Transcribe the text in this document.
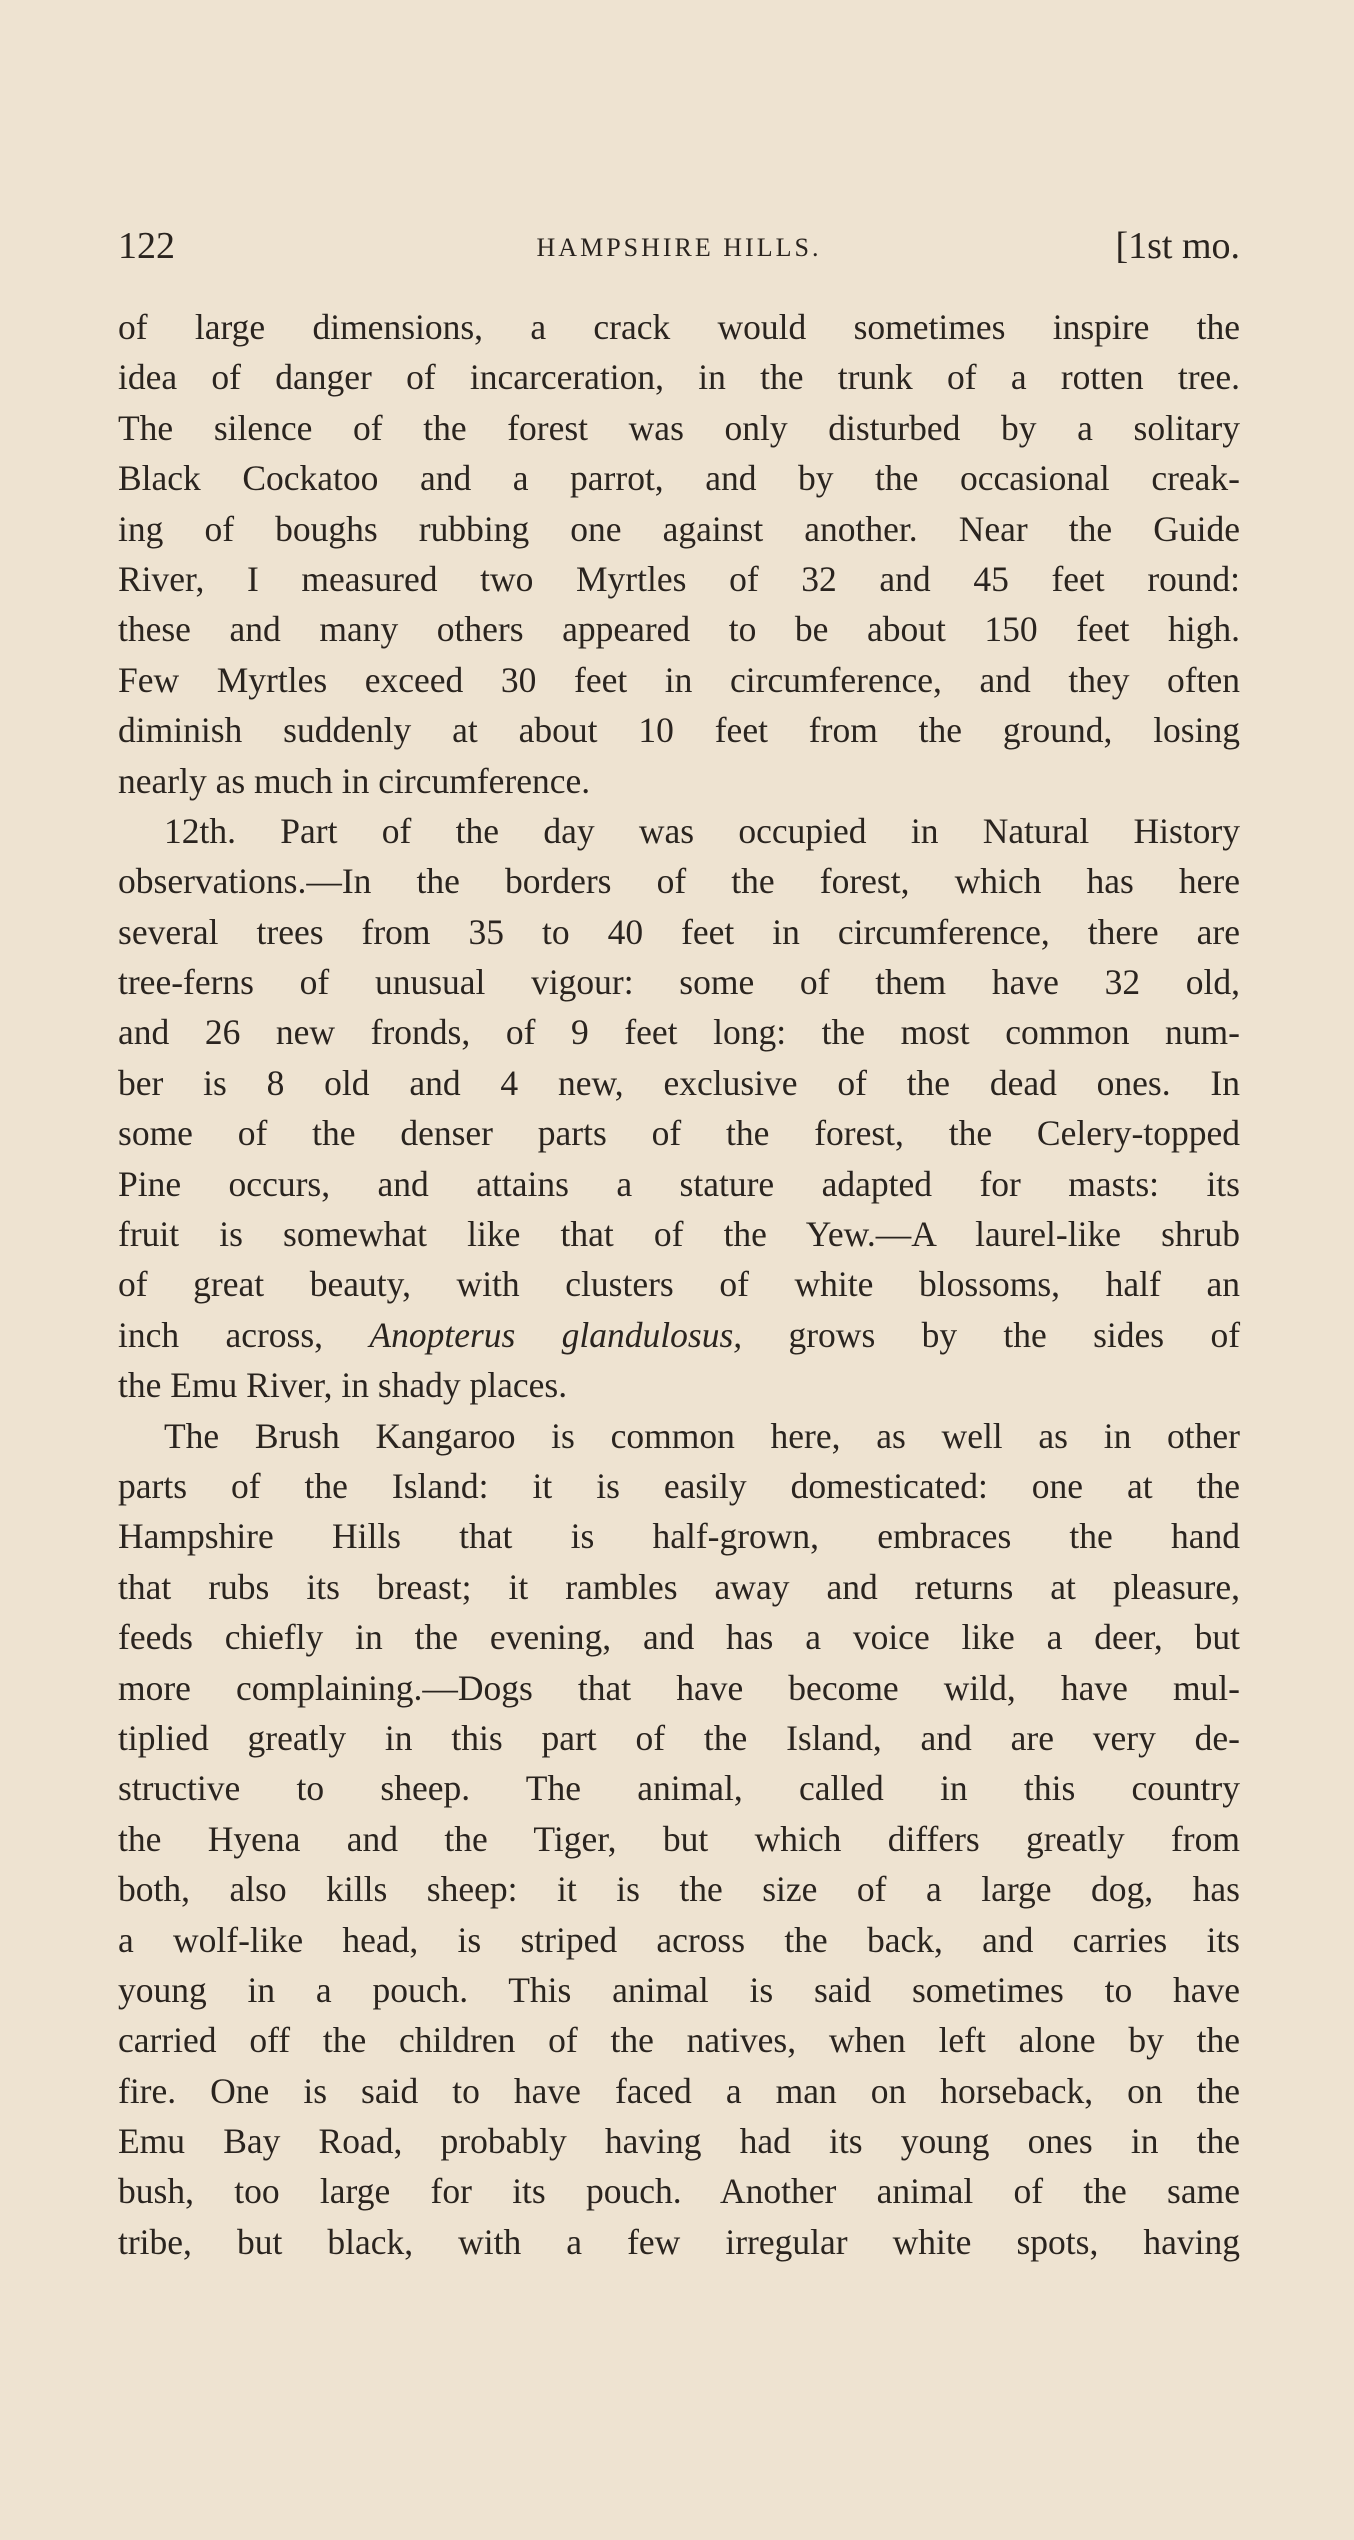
122	HAMPSHIRE HILLS.	[1st mo.
of large dimensions, a crack would sometimes inspire the
idea of danger of incarceration, in the trunk of a rotten tree.
The silence of the forest was only disturbed by a solitary
Black Cockatoo and a parrot, and by the occasional creak-
ing of boughs rubbing one against another. Near the Guide
River, I measured two Myrtles of 32 and 45 feet round:
these and many others appeared to be about 150 feet high.
Few Myrtles exceed 30 feet in circumference, and they often
diminish suddenly at about 10 feet from the ground, losing
nearly as much in circumference.
12th. Part of the day was occupied in Natural History
observations.—In the borders of the forest, which has here
several trees from 35 to 40 feet in circumference, there are
tree-ferns of unusual vigour: some of them have 32 old,
and 26 new fronds, of 9 feet long: the most common num-
ber is 8 old and 4 new, exclusive of the dead ones. In
some of the denser parts of the forest, the Celery-topped
Pine occurs, and attains a stature adapted for masts: its
fruit is somewhat like that of the Yew.—A laurel-like shrub
of great beauty, with clusters of white blossoms, half an
inch across, Anopterus glandulosus, grows by the sides of
the Emu River, in shady places.
The Brush Kangaroo is common here, as well as in other
parts of the Island: it is easily domesticated: one at the
Hampshire Hills that is half-grown, embraces the hand
that rubs its breast; it rambles away and returns at pleasure,
feeds chiefly in the evening, and has a voice like a deer, but
more complaining.—Dogs that have become wild, have mul-
tiplied greatly in this part of the Island, and are very de-
structive to sheep. The animal, called in this country
the Hyena and the Tiger, but which differs greatly from
both, also kills sheep: it is the size of a large dog, has
a wolf-like head, is striped across the back, and carries its
young in a pouch. This animal is said sometimes to have
carried off the children of the natives, when left alone by the
fire. One is said to have faced a man on horseback, on the
Emu Bay Road, probably having had its young ones in the
bush, too large for its pouch. Another animal of the same
tribe, but black, with a few irregular white spots, having
